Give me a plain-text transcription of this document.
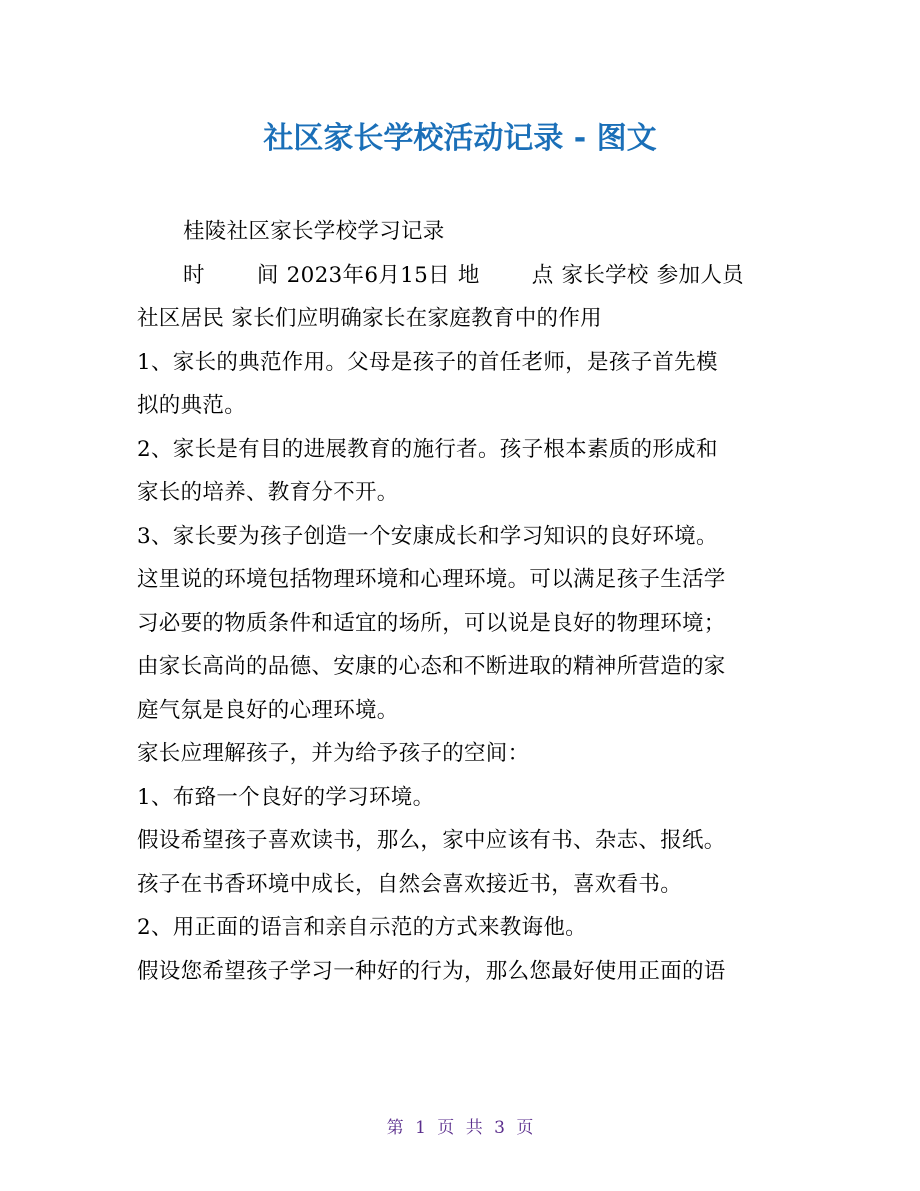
社区家长学校活动记录 - 图文
桂陵社区家长学校学习记录
时 间 2023年6月15日 地 点 家长学校 参加人员
社区居民 家长们应明确家长在家庭教育中的作用
1、家长的典范作用。父母是孩子的首任老师，是孩子首先模
拟的典范。
2、家长是有目的进展教育的施行者。孩子根本素质的形成和
家长的培养、教育分不开。
3、家长要为孩子创造一个安康成长和学习知识的良好环境。
这里说的环境包括物理环境和心理环境。可以满足孩子生活学
习必要的物质条件和适宜的场所，可以说是良好的物理环境；
由家长高尚的品德、安康的心态和不断进取的精神所营造的家
庭气氛是良好的心理环境。
家长应理解孩子，并为给予孩子的空间：
1、布臵一个良好的学习环境。
假设希望孩子喜欢读书，那么，家中应该有书、杂志、报纸。
孩子在书香环境中成长，自然会喜欢接近书，喜欢看书。
2、用正面的语言和亲自示范的方式来教诲他。
假设您希望孩子学习一种好的行为，那么您最好使用正面的语
第 1 页 共 3 页
